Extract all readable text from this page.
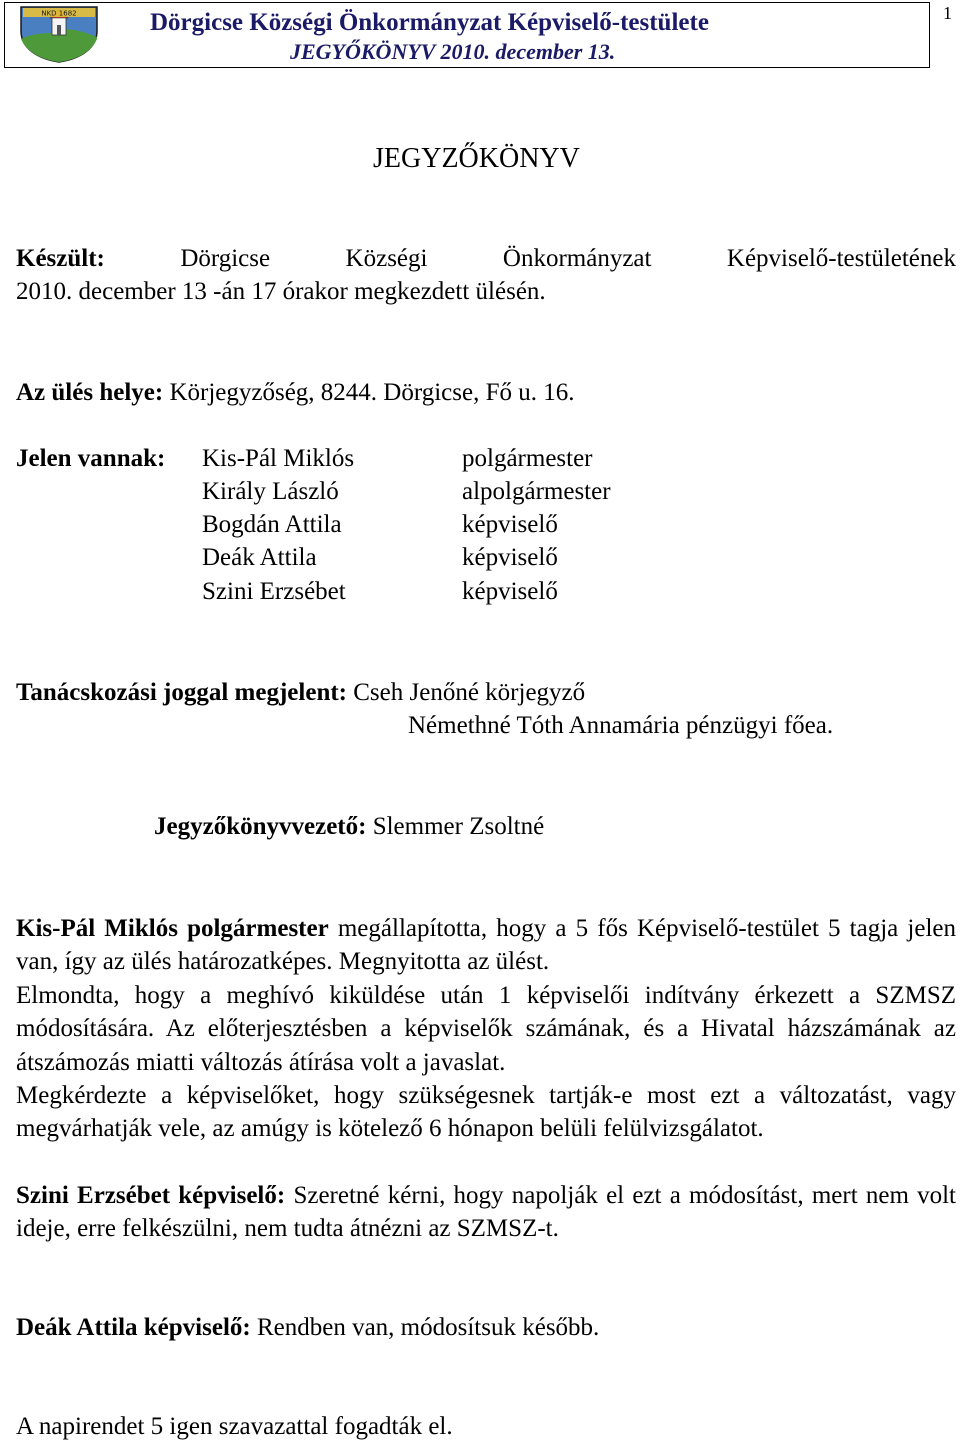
NKD 1682	Dörgicse Községi Önkormányzat Képviselő-testülete
JEGYŐKÖNYV 2010. december 13.
1
JEGYZŐKÖNYV
Készült:	Dörgicse	Községi	Önkormányzat	Képviselő-testületének
2010. december 13 -án 17 órakor megkezdett ülésén.
Az ülés helye: Körjegyzőség, 8244. Dörgicse, Fő u. 16.
Jelen vannak: Kis-Pál Miklós	polgármester
Király László	alpolgármester
Bogdán Attila	képviselő
Deák Attila	képviselő
Szini Erzsébet	képviselő
Tanácskozási joggal megjelent: Cseh Jenőné körjegyző
Némethné Tóth Annamária pénzügyi főea.
Jegyzőkönyvvezető: Slemmer Zsoltné

Kis-Pál Miklós polgármester megállapította, hogy a 5 fős Képviselő-testület 5 tagja jelen van, így az ülés határozatképes. Megnyitotta az ülést.

Elmondta, hogy a meghívó kiküldése után 1 képviselői indítvány érkezett a SZMSZ módosítására. Az előterjesztésben a képviselők számának, és a Hivatal házszámának az átszámozás miatti változás átírása volt a javaslat.

Megkérdezte a képviselőket, hogy szükségesnek tartják-e most ezt a változatást, vagy megvárhatják vele, az amúgy is kötelező 6 hónapon belüli felülvizsgálatot.

Szini Erzsébet képviselő: Szeretné kérni, hogy napolják el ezt a módosítást, mert nem volt ideje, erre felkészülni, nem tudta átnézni az SZMSZ-t.

Deák Attila képviselő: Rendben van, módosítsuk később.
A napirendet 5 igen szavazattal fogadták el.
